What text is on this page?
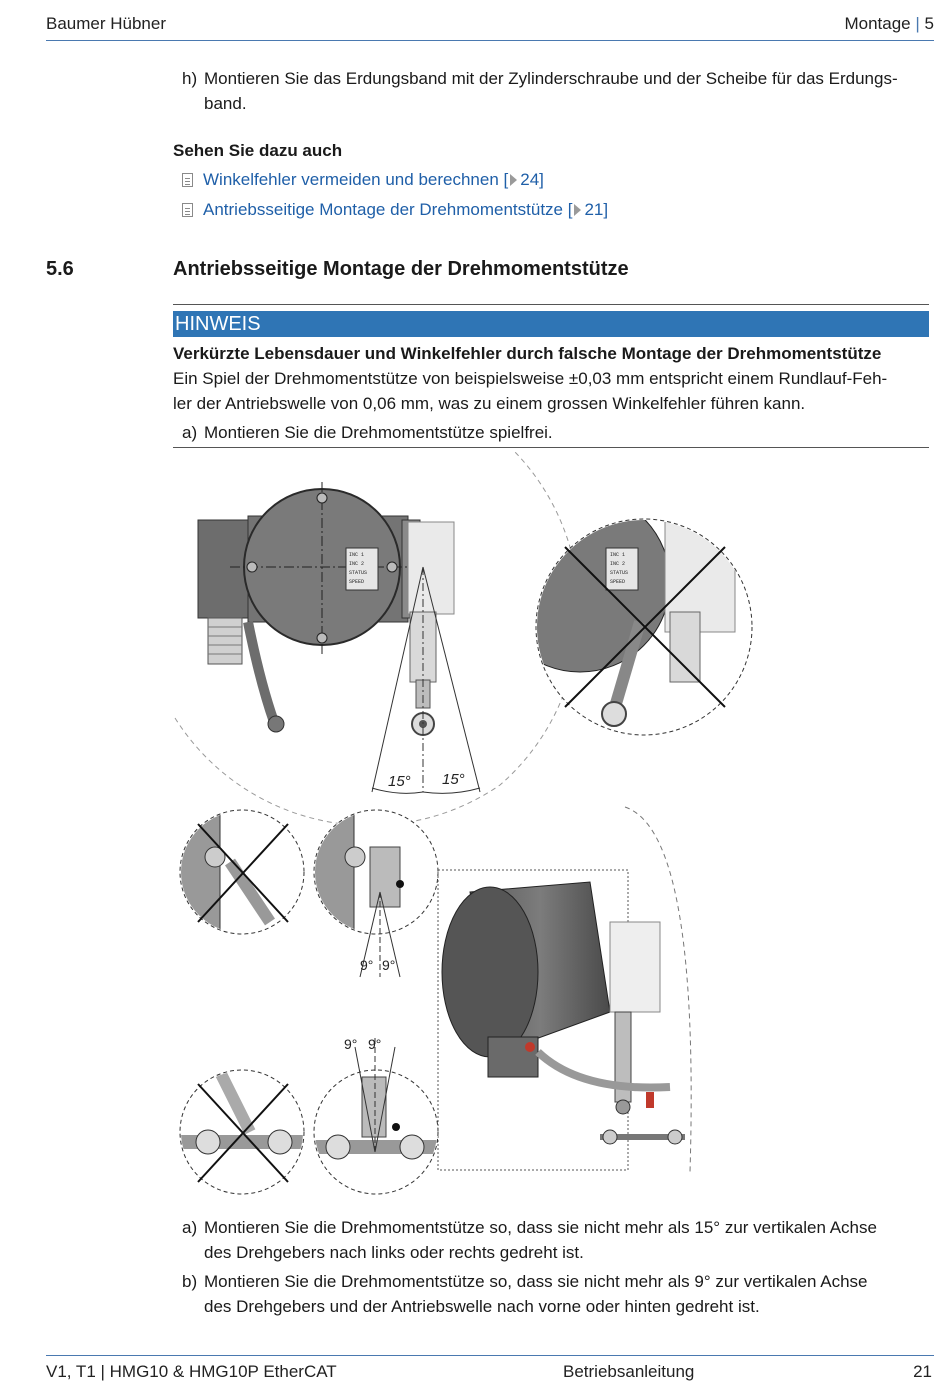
Baumer Hübner	Montage | 5
h) Montieren Sie das Erdungsband mit der Zylinderschraube und der Scheibe für das Erdungs-
band.
Sehen Sie dazu auch
Winkelfehler vermeiden und berechnen [ 24]
Antriebsseitige Montage der Drehmomentstütze [ 21]
5.6	Antriebsseitige Montage der Drehmomentstütze
HINWEIS
Verkürzte Lebensdauer und Winkelfehler durch falsche Montage der Drehmomentstütze
Ein Spiel der Drehmomentstütze von beispielsweise ±0,03 mm entspricht einem Rundlauf-Feh-
ler der Antriebswelle von 0,06 mm, was zu einem grossen Winkelfehler führen kann.
a) Montieren Sie die Drehmomentstütze spielfrei.
INC 1
INC 2
STATUS
SPEED
15° 15°
INC 1
INC 2
STATUS
SPEED
9° 9°
9° 9°
a) Montieren Sie die Drehmomentstütze so, dass sie nicht mehr als 15° zur vertikalen Achse
des Drehgebers nach links oder rechts gedreht ist.
b) Montieren Sie die Drehmomentstütze so, dass sie nicht mehr als 9° zur vertikalen Achse
des Drehgebers und der Antriebswelle nach vorne oder hinten gedreht ist.
V1, T1 | HMG10 & HMG10P EtherCAT	Betriebsanleitung	21
